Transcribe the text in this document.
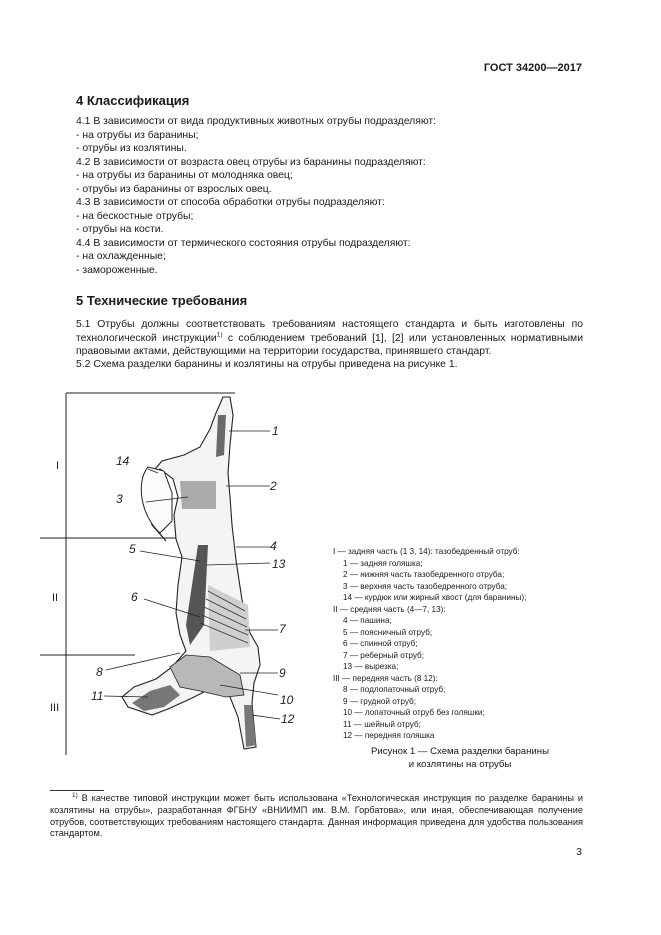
ГОСТ 34200—2017
4 Классификация
4.1 В зависимости от вида продуктивных животных отрубы подразделяют:
- на отрубы из баранины;
- отрубы из козлятины.
4.2 В зависимости от возраста овец отрубы из баранины подразделяют:
- на отрубы из баранины от молодняка овец;
- отрубы из баранины от взрослых овец.
4.3 В зависимости от способа обработки отрубы подразделяют:
- на бескостные отрубы;
- отрубы на кости.
4.4 В зависимости от термического состояния отрубы подразделяют:
- на охлажденные;
- замороженные.
5 Технические требования
5.1 Отрубы должны соответствовать требованиям настоящего стандарта и быть изготовлены по технологической инструкции$^{1)}$ с соблюдением требований [1], [2] или установленных нормативными правовыми актами, действующими на территории государства, принявшего стандарт.
5.2 Схема разделки баранины и козлятины на отрубы приведена на рисунке 1.
I
II
III
1
2
3
4
5
6
7
8	9
10
11
12
13
14
I — задняя часть (1 3, 14): тазобедренный отруб:
1 — задняя голяшка;
2 — нижняя часть тазобедренного отруба;
3 — верхняя часть тазобедренного отруба;
14 — курдюк или жирный хвост (для баранины);
II — средняя часть (4—7, 13):
4 — пашина;
5 — поясничный отруб;
6 — спинной отруб;
7 — реберный отруб;
13 — вырезка;
III — передняя часть (8 12):
8 — подлопаточный отруб;
9 — грудной отруб;
10 — лопаточный отруб без голяшки;
11 — шейный отруб;
12 — передняя голяшка
Рисунок 1 — Схема разделки баранины
и козлятины на отрубы
$^{1)}$ В качестве типовой инструкции может быть использована «Технологическая инструкция по разделке баранины и козлятины на отрубы», разработанная ФГБНУ «ВНИИМП им. В.М. Горбатова», или иная, обеспечивающая получение отрубов, соответствующих требованиям настоящего стандарта. Данная информация приведена для удобства пользования стандартом.
3
